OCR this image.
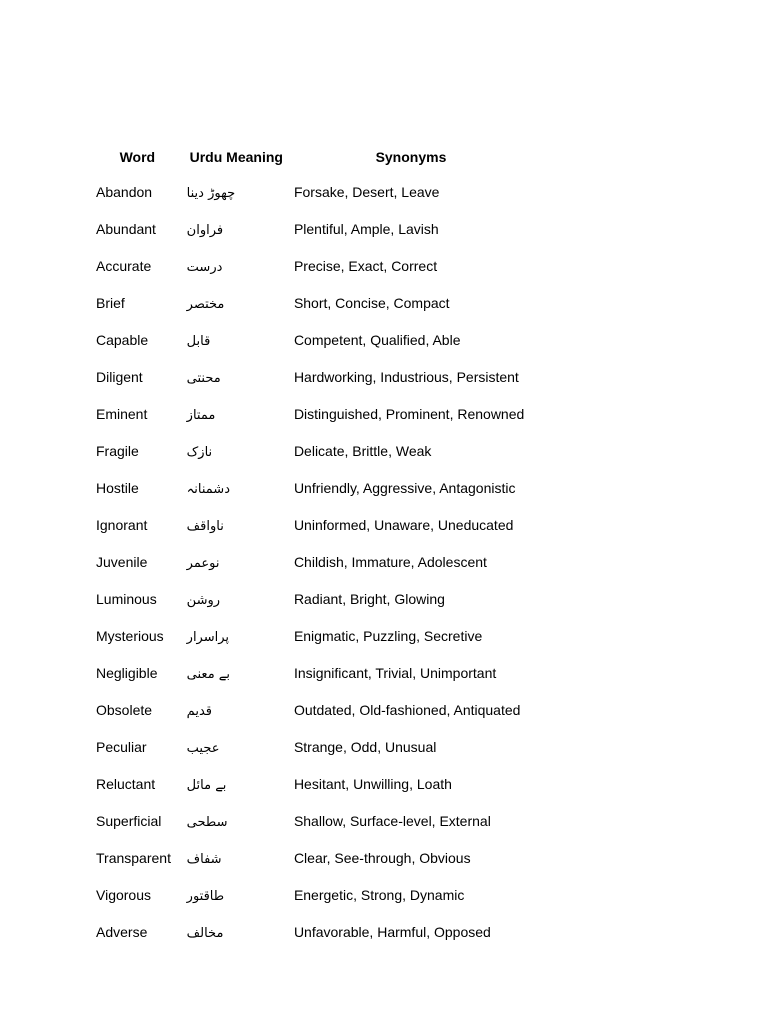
Word	Urdu Meaning	Synonyms
Abandon	چھوڑ دینا	Forsake, Desert, Leave
Abundant	فراوان	Plentiful, Ample, Lavish
Accurate	درست	Precise, Exact, Correct
Brief	مختصر	Short, Concise, Compact
Capable	قابل	Competent, Qualified, Able
Diligent	محنتی	Hardworking, Industrious, Persistent
Eminent	ممتاز	Distinguished, Prominent, Renowned
Fragile	نازک	Delicate, Brittle, Weak
Hostile	دشمنانہ	Unfriendly, Aggressive, Antagonistic
Ignorant	ناواقف	Uninformed, Unaware, Uneducated
Juvenile	نوعمر	Childish, Immature, Adolescent
Luminous	روشن	Radiant, Bright, Glowing
Mysterious	پراسرار	Enigmatic, Puzzling, Secretive
Negligible	بے معنی	Insignificant, Trivial, Unimportant
Obsolete	قدیم	Outdated, Old-fashioned, Antiquated
Peculiar	عجیب	Strange, Odd, Unusual
Reluctant	بے مائل	Hesitant, Unwilling, Loath
Superficial	سطحی	Shallow, Surface-level, External
Transparent	شفاف	Clear, See-through, Obvious
Vigorous	طاقتور	Energetic, Strong, Dynamic
Adverse	مخالف	Unfavorable, Harmful, Opposed
